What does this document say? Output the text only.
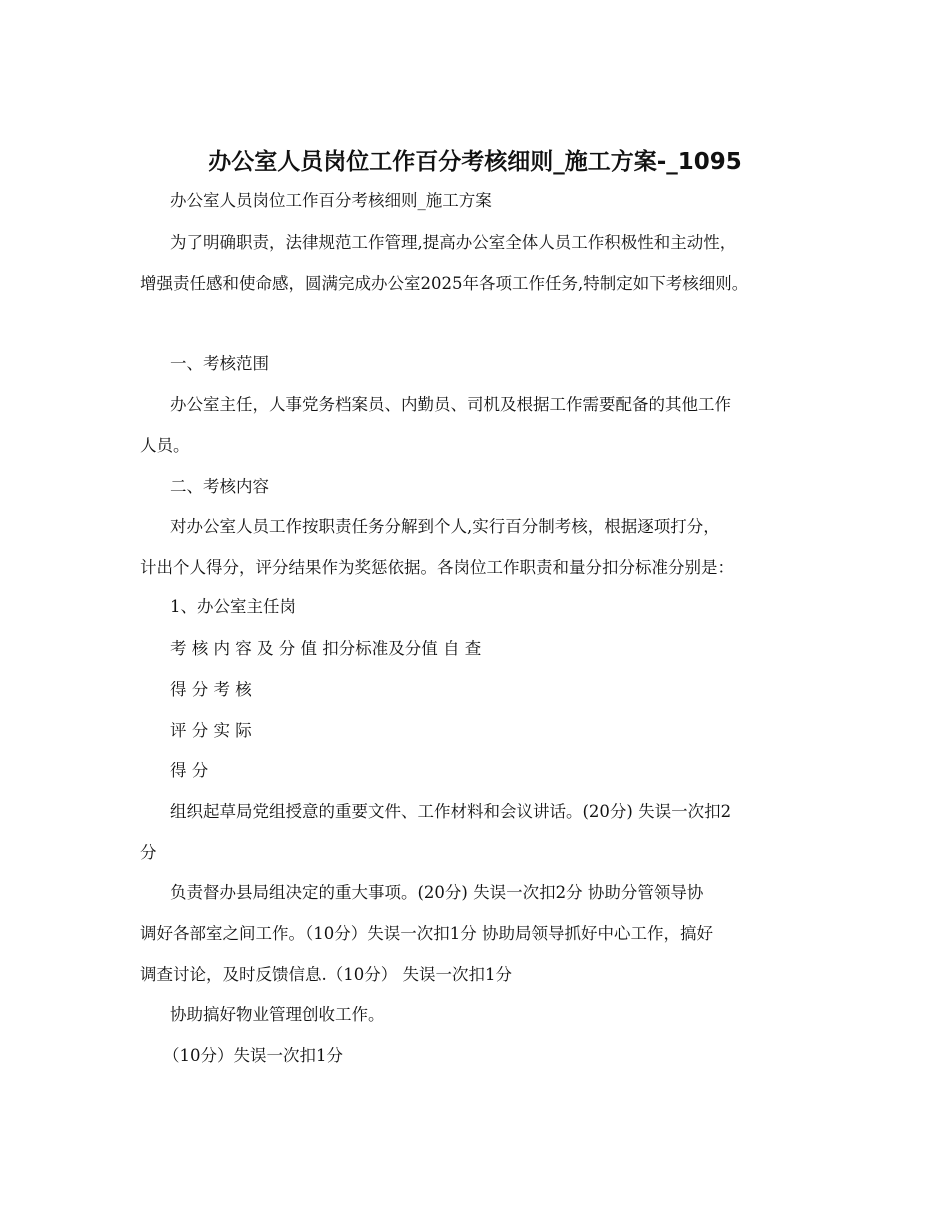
办公室人员岗位工作百分考核细则_施工方案-_1095
办公室人员岗位工作百分考核细则_施工方案
为了明确职责，法律规范工作管理,提高办公室全体人员工作积极性和主动性，
增强责任感和使命感，圆满完成办公室2025年各项工作任务,特制定如下考核细则。
一、考核范围
办公室主任，人事党务档案员、内勤员、司机及根据工作需要配备的其他工作
人员。
二、考核内容
对办公室人员工作按职责任务分解到个人,实行百分制考核，根据逐项打分，
计出个人得分，评分结果作为奖惩依据。各岗位工作职责和量分扣分标准分别是：
1、办公室主任岗
考 核 内 容 及 分 值 扣分标准及分值 自 查
得 分 考 核
评 分 实 际
得 分
组织起草局党组授意的重要文件、工作材料和会议讲话。(20分) 失误一次扣2
分
负责督办县局组决定的重大事项。(20分) 失误一次扣2分 协助分管领导协
调好各部室之间工作。（10分）失误一次扣1分 协助局领导抓好中心工作，搞好
调查讨论，及时反馈信息.（10分） 失误一次扣1分
协助搞好物业管理创收工作。
（10分）失误一次扣1分
